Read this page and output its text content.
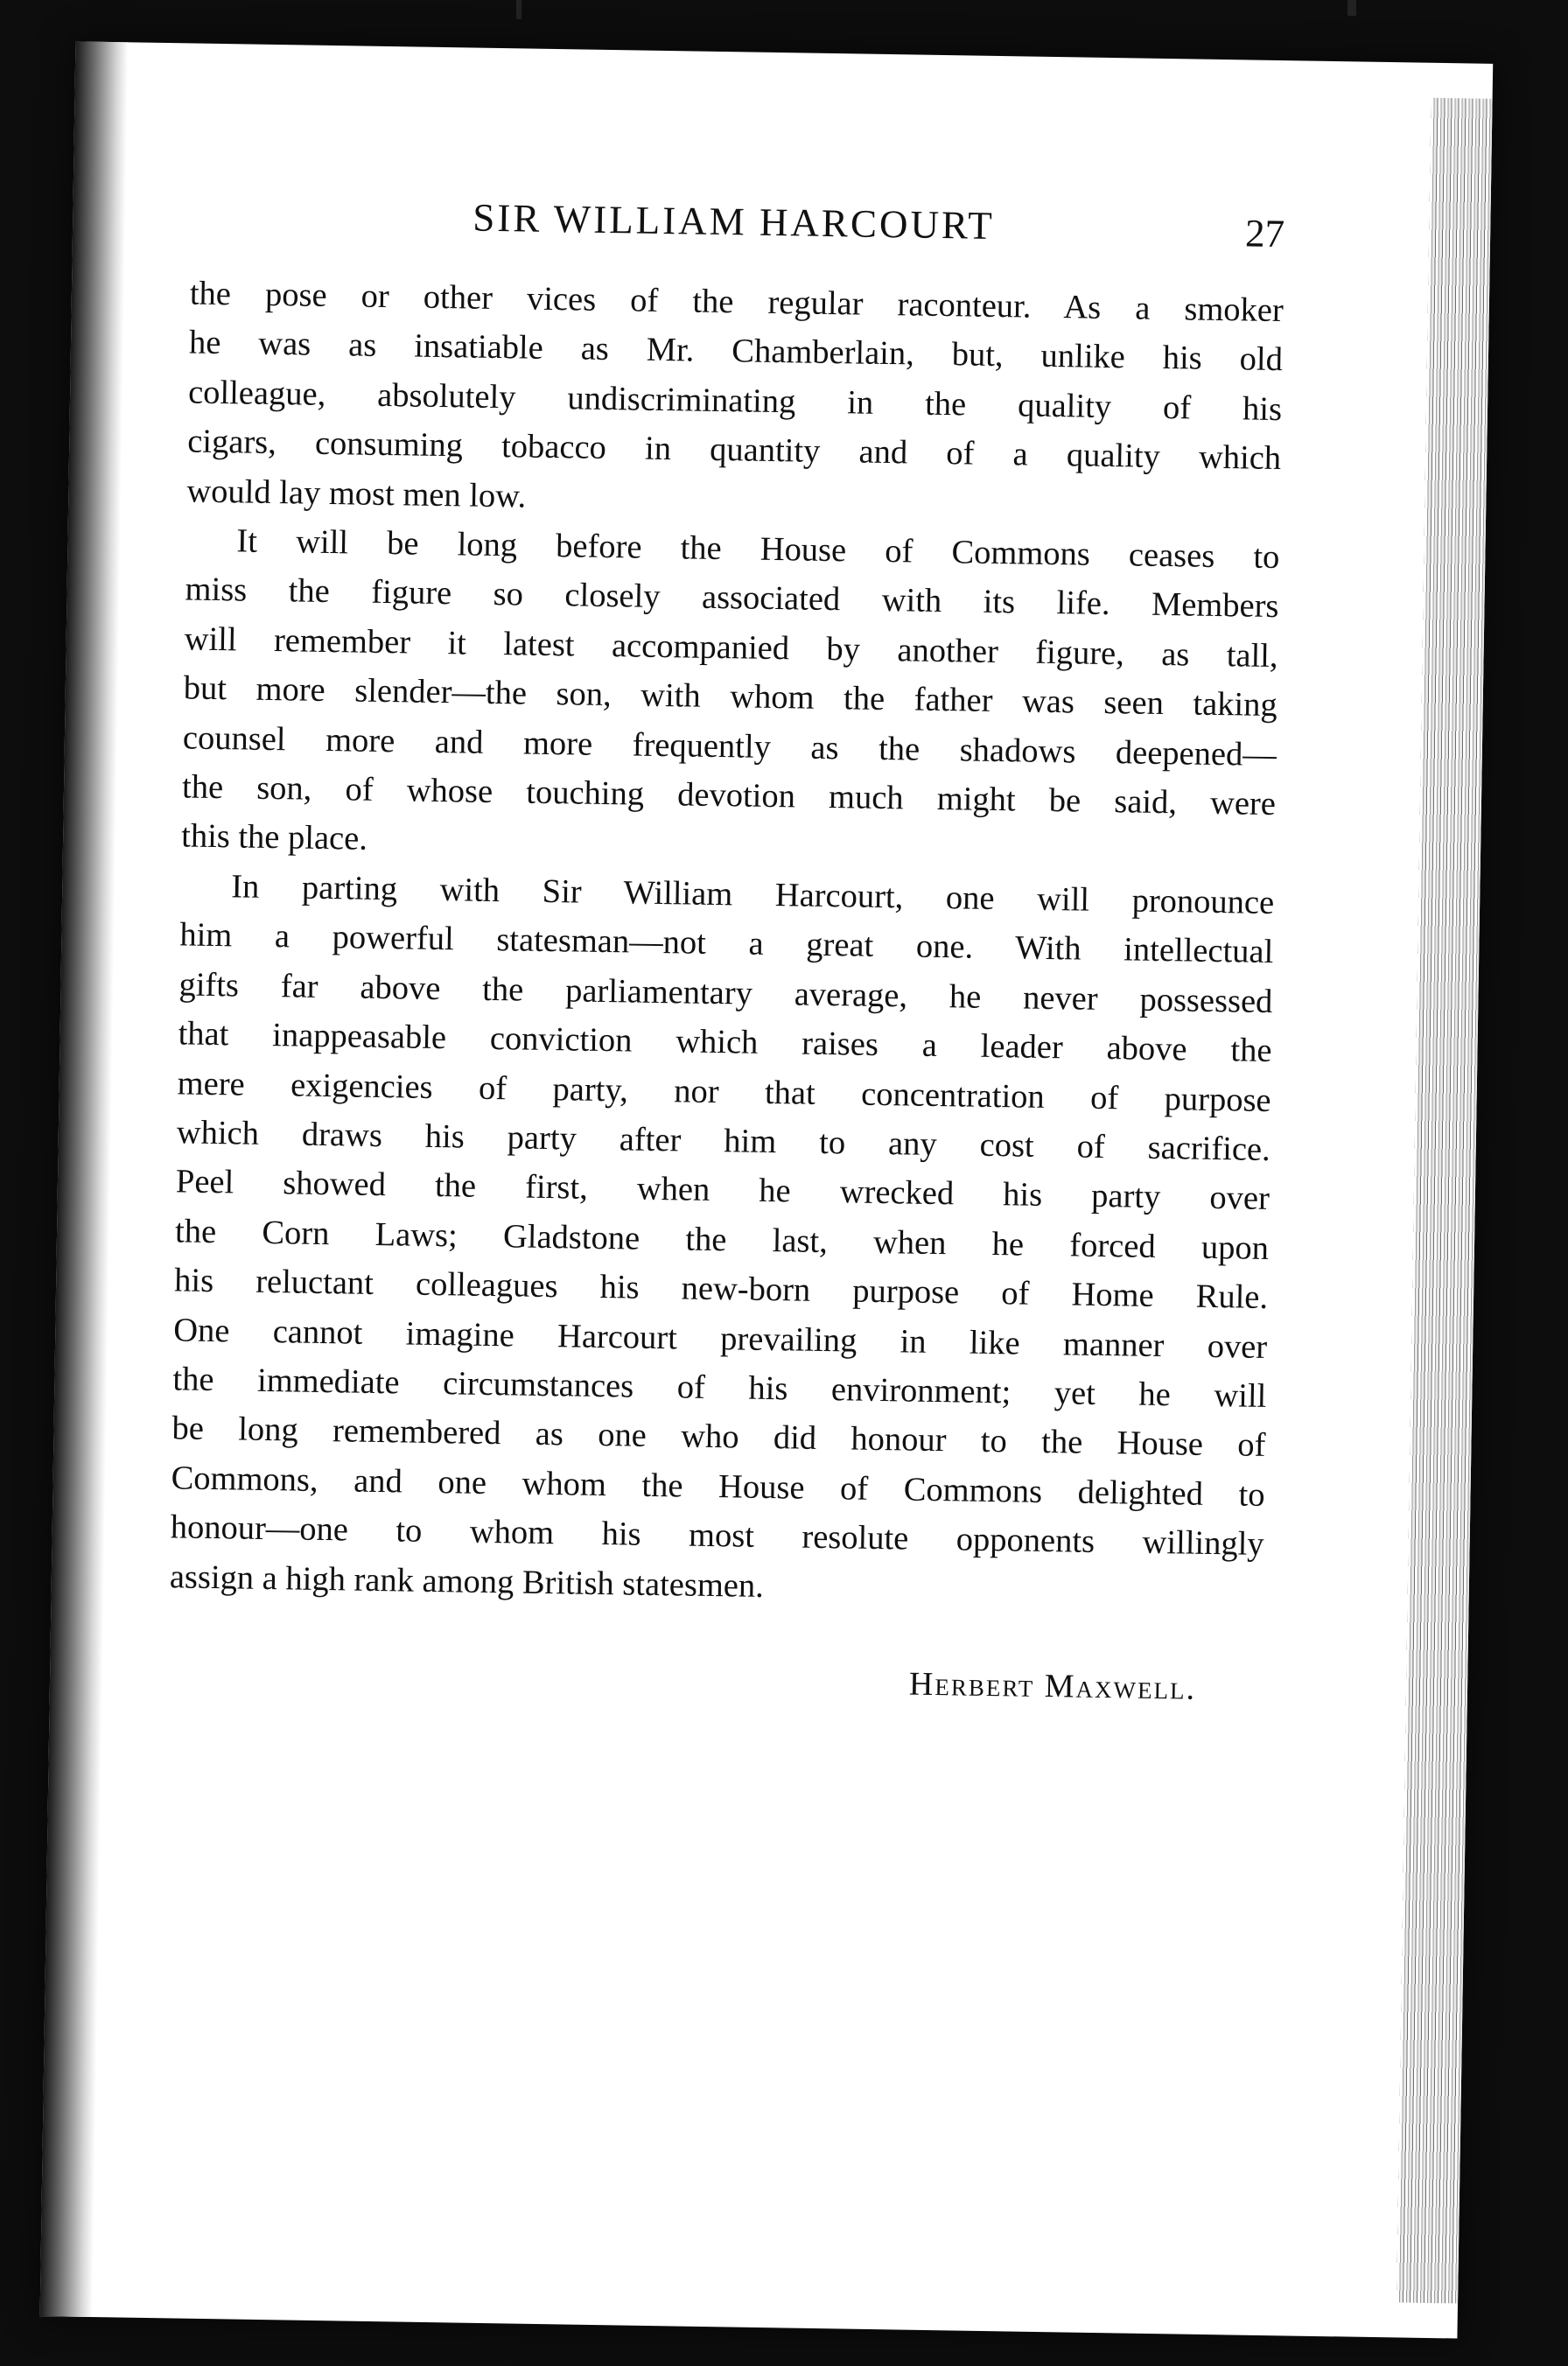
SIR WILLIAM HARCOURT	27
the pose or other vices of the regular raconteur. As a smoker
he was as insatiable as Mr. Chamberlain, but, unlike his old
colleague, absolutely undiscriminating in the quality of his
cigars, consuming tobacco in quantity and of a quality which
would lay most men low.
It will be long before the House of Commons ceases to
miss the figure so closely associated with its life. Members
will remember it latest accompanied by another figure, as tall,
but more slender—the son, with whom the father was seen taking
counsel more and more frequently as the shadows deepened—
the son, of whose touching devotion much might be said, were
this the place.
In parting with Sir William Harcourt, one will pronounce
him a powerful statesman—not a great one. With intellectual
gifts far above the parliamentary average, he never possessed
that inappeasable conviction which raises a leader above the
mere exigencies of party, nor that concentration of purpose
which draws his party after him to any cost of sacrifice.
Peel showed the first, when he wrecked his party over
the Corn Laws; Gladstone the last, when he forced upon
his reluctant colleagues his new-born purpose of Home Rule.
One cannot imagine Harcourt prevailing in like manner over
the immediate circumstances of his environment; yet he will
be long remembered as one who did honour to the House of
Commons, and one whom the House of Commons delighted to
honour—one to whom his most resolute opponents willingly
assign a high rank among British statesmen.
Herbert Maxwell.
